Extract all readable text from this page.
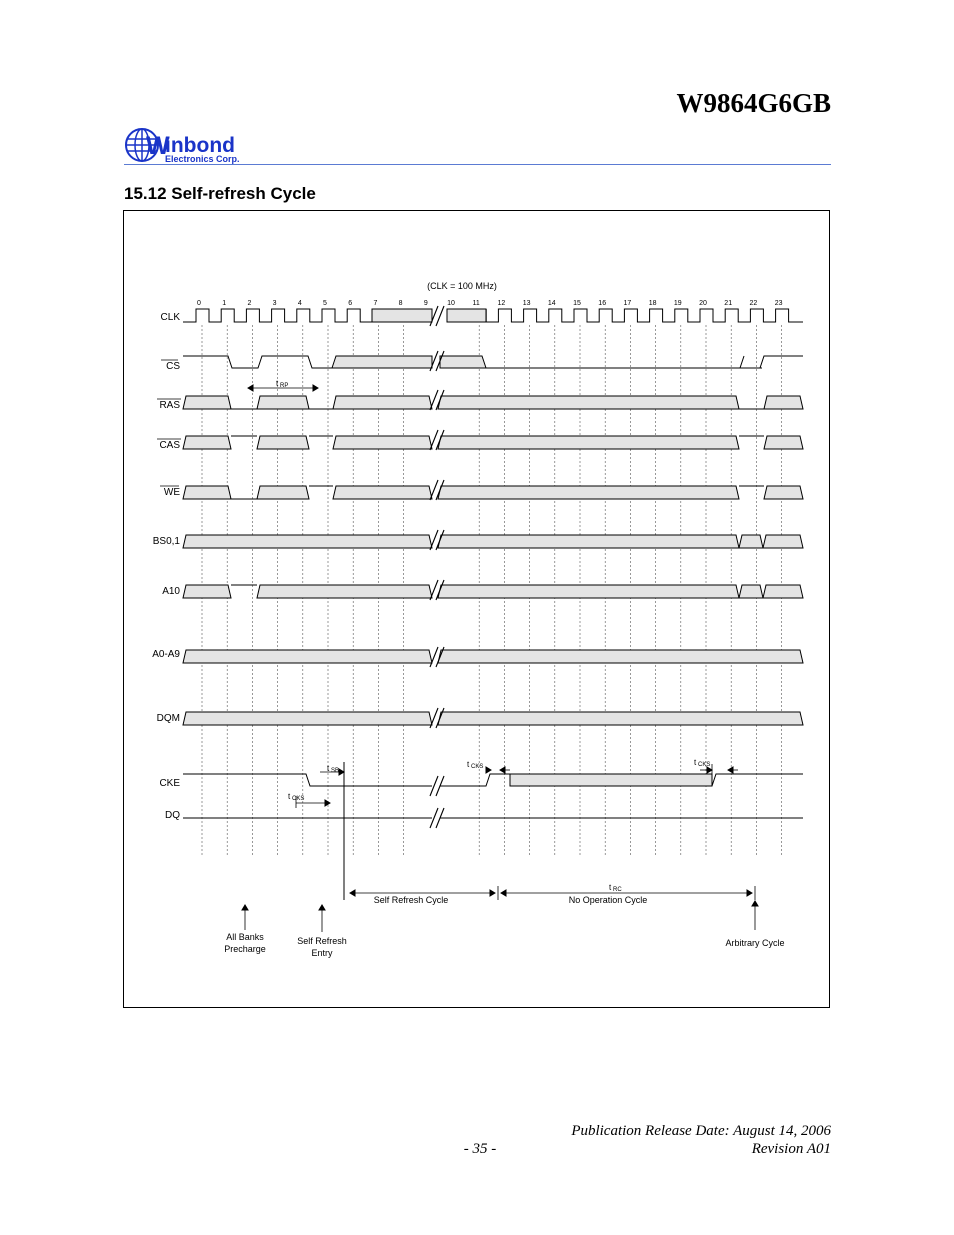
W9864G6GB
W
inbond
Electronics Corp.
15.12 Self-refresh Cycle
(CLK = 100 MHz)
0	1	2	3	4	5	6	7	8	9	10	11	12 13 14 15 16 17 18 19 20 21 22 23
CLK
CS
RAS
CAS
WE
BS0,1
A10
A0-A9
DQM
CKE
DQ
t RP
t SB
t CKS
t CKS	t CKS
Self Refresh Cycle
t RC
No Operation Cycle
All Banks
Precharge
Self Refresh
Entry
Arbitrary Cycle
Publication Release Date: August 14, 2006
- 35 -	Revision A01
